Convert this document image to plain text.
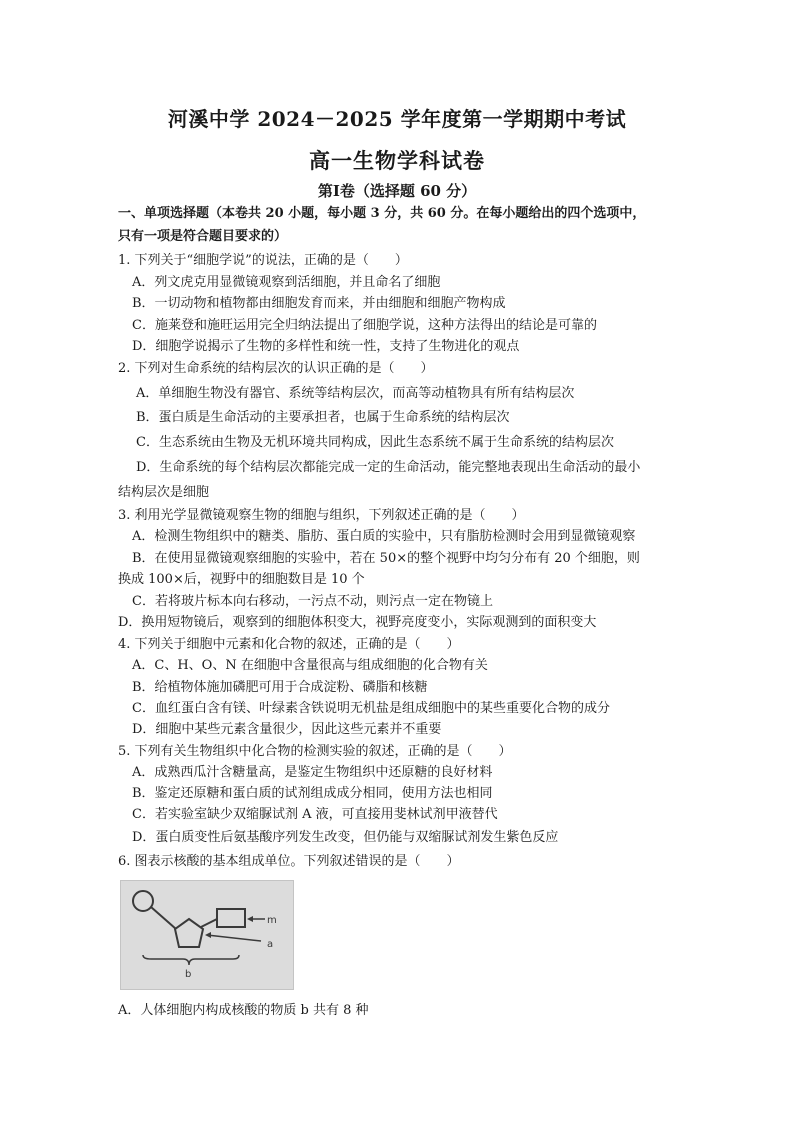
河溪中学 2024－2025 学年度第一学期期中考试
高一生物学科试卷
第Ⅰ卷（选择题 60 分）
一、单项选择题（本卷共 20 小题，每小题 3 分，共 60 分。在每小题给出的四个选项中，
只有一项是符合题目要求的）
1. 下列关于“细胞学说”的说法，正确的是（　　）
A．列文虎克用显微镜观察到活细胞，并且命名了细胞
B．一切动物和植物都由细胞发育而来，并由细胞和细胞产物构成
C．施莱登和施旺运用完全归纳法提出了细胞学说，这种方法得出的结论是可靠的
D．细胞学说揭示了生物的多样性和统一性，支持了生物进化的观点
2. 下列对生命系统的结构层次的认识正确的是（　　）
A．单细胞生物没有器官、系统等结构层次，而高等动植物具有所有结构层次
B．蛋白质是生命活动的主要承担者，也属于生命系统的结构层次
C．生态系统由生物及无机环境共同构成，因此生态系统不属于生命系统的结构层次
D．生命系统的每个结构层次都能完成一定的生命活动，能完整地表现出生命活动的最小
结构层次是细胞
3. 利用光学显微镜观察生物的细胞与组织，下列叙述正确的是（　　）
A．检测生物组织中的糖类、脂肪、蛋白质的实验中，只有脂肪检测时会用到显微镜观察
B．在使用显微镜观察细胞的实验中，若在 50×的整个视野中均匀分布有 20 个细胞，则
换成 100×后，视野中的细胞数目是 10 个
C．若将玻片标本向右移动，一污点不动，则污点一定在物镜上
D．换用短物镜后，观察到的细胞体积变大，视野亮度变小，实际观测到的面积变大
4. 下列关于细胞中元素和化合物的叙述，正确的是（　　）
A．C、H、O、N 在细胞中含量很高与组成细胞的化合物有关
B．给植物体施加磷肥可用于合成淀粉、磷脂和核糖
C．血红蛋白含有镁、叶绿素含铁说明无机盐是组成细胞中的某些重要化合物的成分
D．细胞中某些元素含量很少，因此这些元素并不重要
5. 下列有关生物组织中化合物的检测实验的叙述，正确的是（　　）
A．成熟西瓜汁含糖量高，是鉴定生物组织中还原糖的良好材料
B．鉴定还原糖和蛋白质的试剂组成成分相同，使用方法也相同
C．若实验室缺少双缩脲试剂 A 液，可直接用斐林试剂甲液替代
D．蛋白质变性后氨基酸序列发生改变，但仍能与双缩脲试剂发生紫色反应
6. 图表示核酸的基本组成单位。下列叙述错误的是（　　）
A．人体细胞内构成核酸的物质 b 共有 8 种
m
a
b
